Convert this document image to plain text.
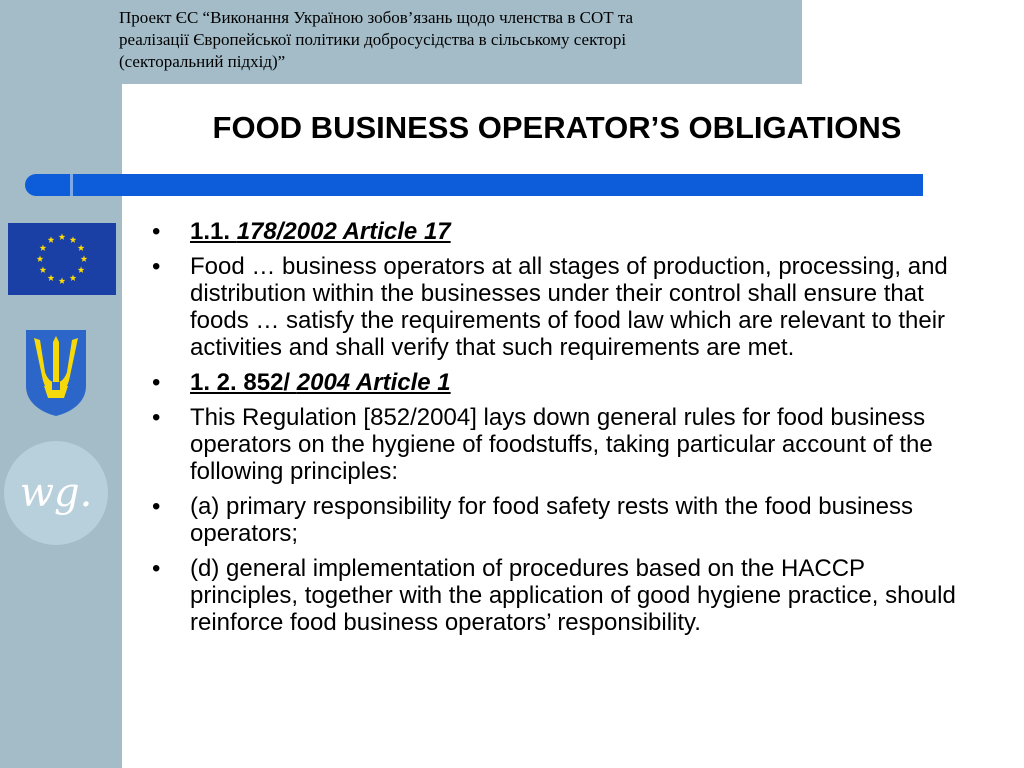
Проект ЄС “Виконання Україною зобов’язань щодо членства в СОТ та
реалізації Європейської політики добросусідства в сільському секторі
(секторальний підхід)”

FOOD BUSINESS OPERATOR’S OBLIGATIONS
wg.
• 1.1. 178/2002 Article 17
• Food … business operators at all stages of production, processing, and distribution within the businesses under their control shall ensure that foods … satisfy the requirements of food law which are relevant to their activities and shall verify that such requirements are met.
• 1. 2. 852/ 2004 Article 1
• This Regulation [852/2004] lays down general rules for food business operators on the hygiene of foodstuffs, taking particular account of the following principles:
• (a) primary responsibility for food safety rests with the food business operators;
• (d) general implementation of procedures based on the HACCP principles, together with the application of good hygiene practice, should reinforce food business operators’ responsibility.
